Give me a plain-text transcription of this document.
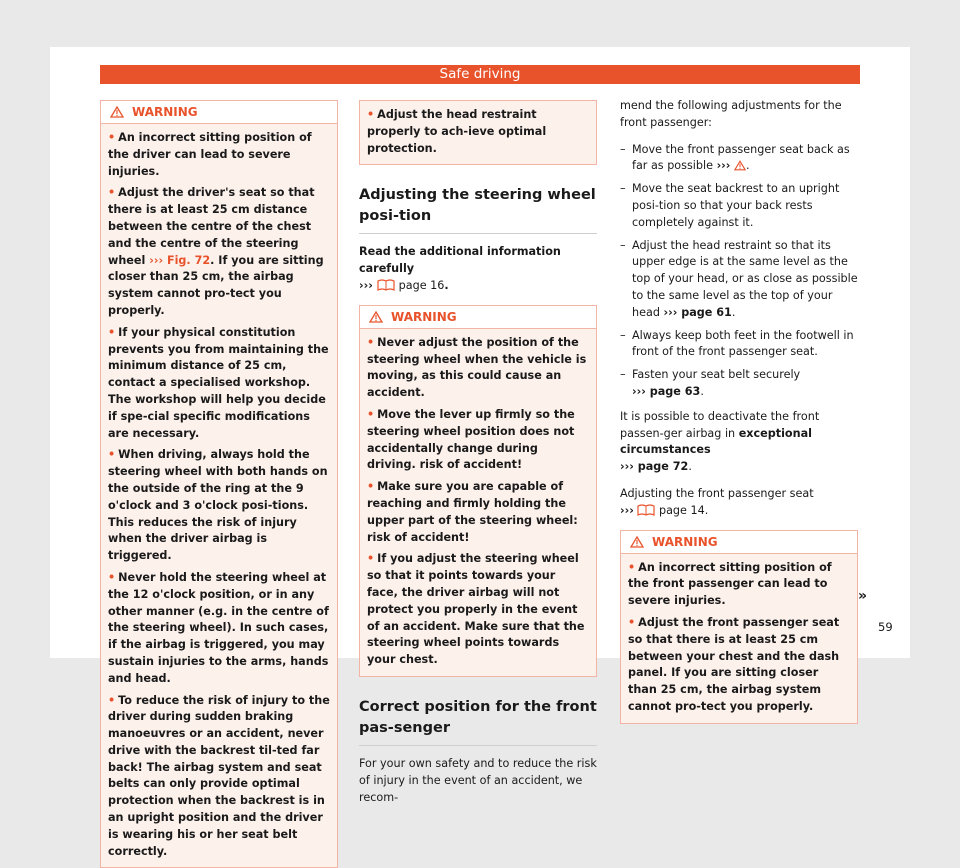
Safe driving
WARNING

• An incorrect sitting position of the driver can lead to severe injuries.

• Adjust the driver's seat so that there is at least 25 cm distance between the centre of the chest and the centre of the steering wheel ››› Fig. 72. If you are sitting closer than 25 cm, the airbag system cannot pro-tect you properly.

• If your physical constitution prevents you from maintaining the minimum distance of 25 cm, contact a specialised workshop. The workshop will help you decide if spe-cial specific modifications are necessary.

• When driving, always hold the steering wheel with both hands on the outside of the ring at the 9 o'clock and 3 o'clock posi-tions. This reduces the risk of injury when the driver airbag is triggered.

• Never hold the steering wheel at the 12 o'clock position, or in any other manner (e.g. in the centre of the steering wheel). In such cases, if the airbag is triggered, you may sustain injuries to the arms, hands and head.

• To reduce the risk of injury to the driver during sudden braking manoeuvres or an accident, never drive with the backrest til-ted far back! The airbag system and seat belts can only provide optimal protection when the backrest is in an upright position and the driver is wearing his or her seat belt correctly.

• Adjust the head restraint properly to ach-ieve optimal protection.

Adjusting the steering wheel posi-tion

Read the additional information carefully
››› page 16.

WARNING

• Never adjust the position of the steering wheel when the vehicle is moving, as this could cause an accident.

• Move the lever up firmly so the steering wheel position does not accidentally change during driving. risk of accident!

• Make sure you are capable of reaching and firmly holding the upper part of the steering wheel: risk of accident!

• If you adjust the steering wheel so that it points towards your face, the driver airbag will not protect you properly in the event of an accident. Make sure that the steering wheel points towards your chest.

Correct position for the front pas-senger

For your own safety and to reduce the risk of injury in the event of an accident, we recom-

mend the following adjustments for the front passenger:

– Move the front passenger seat back as far as possible ››› .
– Move the seat backrest to an upright posi-tion so that your back rests completely against it.
– Adjust the head restraint so that its upper edge is at the same level as the top of your head, or as close as possible to the same level as the top of your head ››› page 61.
– Always keep both feet in the footwell in front of the front passenger seat.
– Fasten your seat belt securely
››› page 63.

It is possible to deactivate the front passen-ger airbag in exceptional circumstances
››› page 72.

Adjusting the front passenger seat
››› page 14.

WARNING

• An incorrect sitting position of the front passenger can lead to severe injuries.

• Adjust the front passenger seat so that there is at least 25 cm between your chest and the dash panel. If you are sitting closer than 25 cm, the airbag system cannot pro-tect you properly.

»
59
